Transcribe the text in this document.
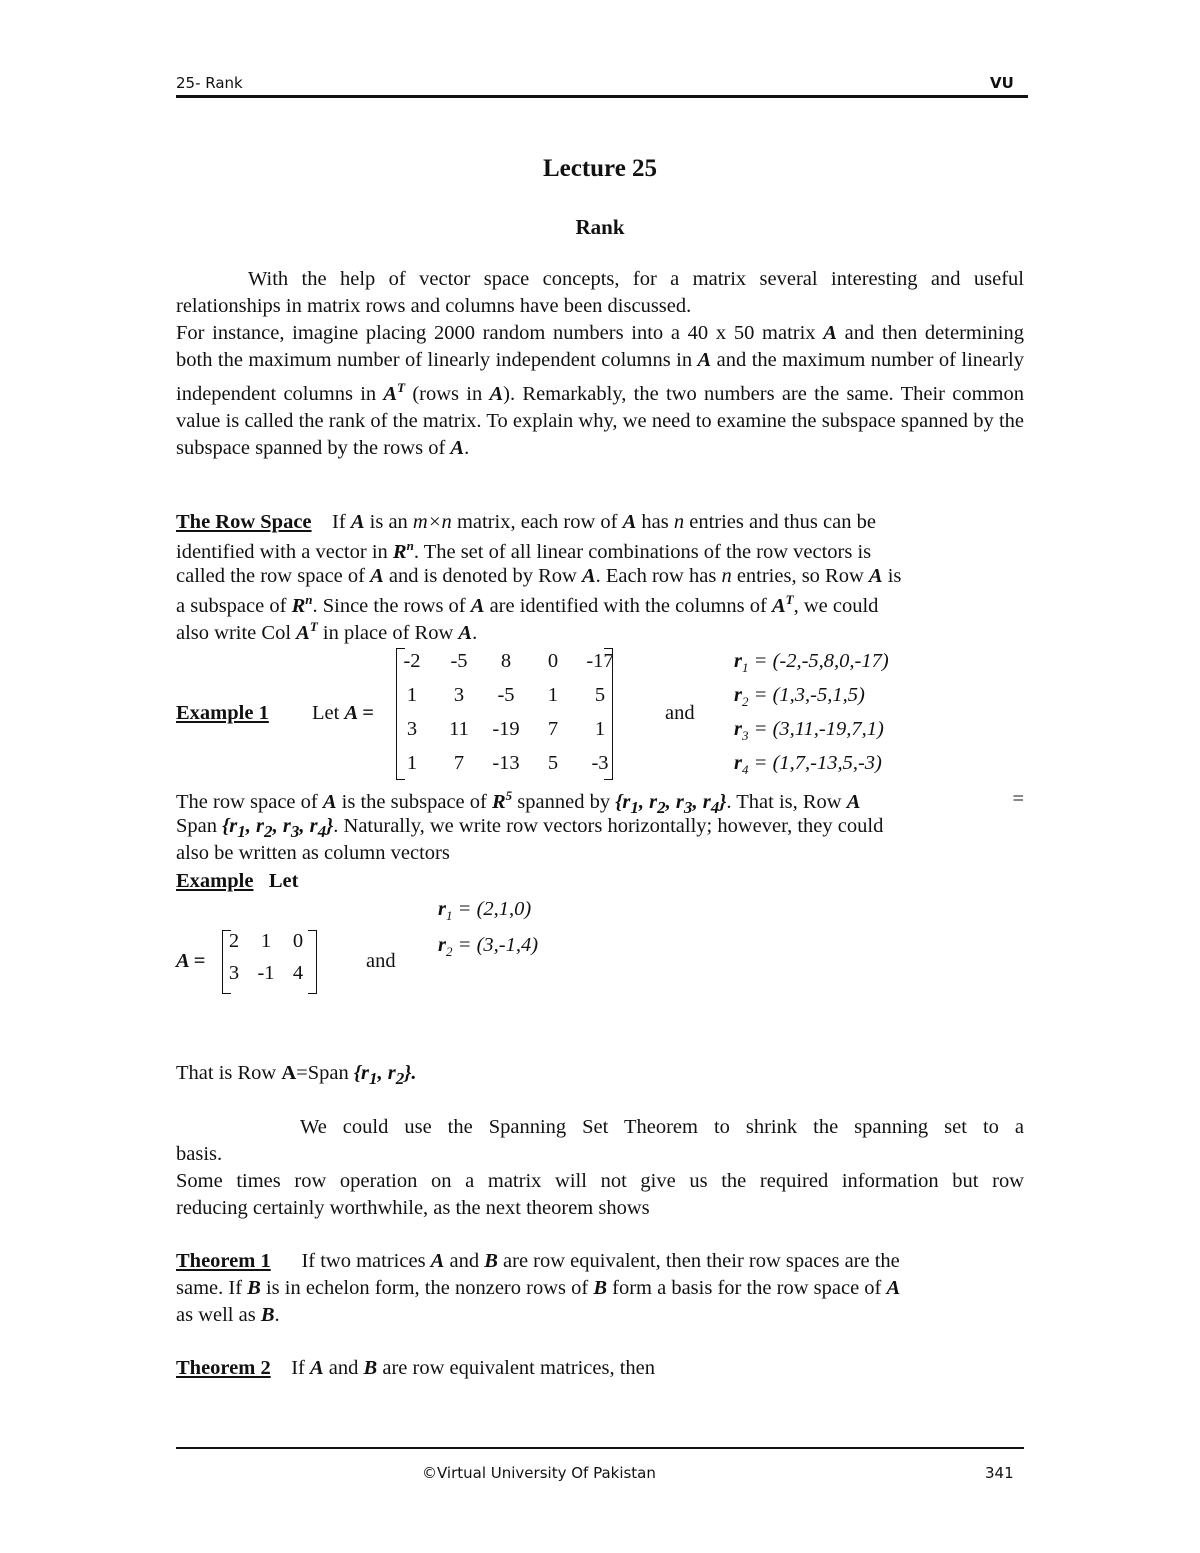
25- Rank	VU
Lecture 25
Rank
With the help of vector space concepts, for a matrix several interesting and useful
relationships in matrix rows and columns have been discussed.
For instance, imagine placing 2000 random numbers into a 40 x 50 matrix A and then determining both the maximum number of linearly independent columns in A and the maximum number of linearly independent columns in $A^T$ (rows in A). Remarkably, the two numbers are the same. Their common value is called the rank of the matrix. To explain why, we need to examine the subspace spanned by the subspace spanned by the rows of A.
The Row Space If A is an m×n matrix, each row of A has n entries and thus can be
identified with a vector in $R^n$. The set of all linear combinations of the row vectors is
called the row space of A and is denoted by Row A. Each row has n entries, so Row A is
a subspace of $R^n$. Since the rows of A are identified with the columns of $A^T$, we could
also write Col $A^T$ in place of Row A.
Example 1 Let A =
-2	-5	8	0	-17
1	3	-5	1	5
3	11	-19	7	1
1	7	-13	5	-3
and
$r_1 = (-2,-5,8,0,-17)$
$r_2 = (1,3,-5,1,5)$
$r_3 = (3,11,-19,7,1)$
$r_4 = (1,7,-13,5,-3)$
The row space of A is the subspace of $R^5$ spanned by {$r_1$, $r_2$, $r_3$, $r_4$}. That is, Row A	=
Span {$r_1$, $r_2$, $r_3$, $r_4$}. Naturally, we write row vectors horizontally; however, they could
also be written as column vectors
Example Let
A =
2	1	0
3 -1 4
and
$r_1 = (2,1,0)$
$r_2 = (3,-1,4)$
That is Row A=Span {$r_1$, $r_2$}.
We could use the Spanning Set Theorem to shrink the spanning set to a
basis.
Some times row operation on a matrix will not give us the required information but row
reducing certainly worthwhile, as the next theorem shows
Theorem 1 If two matrices A and B are row equivalent, then their row spaces are the
same. If B is in echelon form, the nonzero rows of B form a basis for the row space of A
as well as B.
Theorem 2 If A and B are row equivalent matrices, then
©Virtual University Of Pakistan	341
